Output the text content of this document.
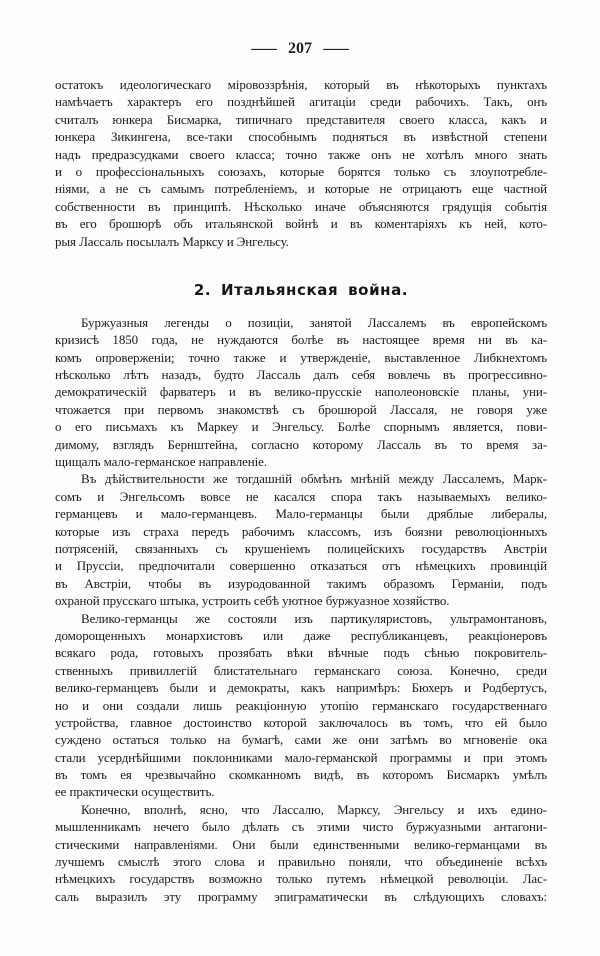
— 207 —
остатокъ идеологическаго міровоззрѣнія, который въ нѣкоторыхъ пунктахъ
намѣчаетъ характеръ его позднѣйшей агитаціи среди рабочихъ. Такъ, онъ
считалъ юнкера Бисмарка, типичнаго представителя своего класса, какъ и
юнкера Зикингена, все-таки способнымъ подняться въ извѣстной степени
надъ предразсудками своего класса; точно также онъ не хотѣлъ много знать
и о профессіональныхъ союзахъ, которые борятся только съ злоупотребле-
ніями, а не съ самымъ потребленіемъ, и которые не отрицаютъ еще частной
собственности въ принципѣ. Нѣсколько иначе объясняются грядущія событія
въ его брошюрѣ объ итальянской войнѣ и въ коментаріяхъ къ ней, кото-
рыя Лассаль посылалъ Марксу и Энгельсу.
2. Итальянская война.
Буржуазныя легенды о позиціи, занятой Лассалемъ въ европейскомъ
кризисѣ 1850 года, не нуждаются болѣе въ настоящее время ни въ ка-
комъ опроверженіи; точно также и утвержденіе, выставленное Либкнехтомъ
нѣсколько лѣтъ назадъ, будто Лассаль далъ себя вовлечь въ прогрессивно-
демократическій фарватеръ и въ велико-прусскіе наполеоновскіе планы, уни-
чтожается при первомъ знакомствѣ съ брошюрой Лассаля, не говоря уже
о его письмахъ къ Маркеу и Энгельсу. Болѣе спорнымъ является, пови-
димому, взглядъ Бернштейна, согласно которому Лассаль въ то время за-
щищалъ мало-германское направленіе.
Въ дѣйствительности же тогдашній обмѣнъ мнѣній между Лассалемъ, Марк-
сомъ и Энгельсомъ вовсе не касался спора такъ называемыхъ велико-
германцевъ и мало-германцевъ. Мало-германцы были дряблые либералы,
которые изъ страха передъ рабочимъ классомъ, изъ боязни революціонныхъ
потрясеній, связанныхъ съ крушеніемъ полицейскихъ государствъ Австріи
и Пруссіи, предпочитали совершенно отказаться отъ нѣмецкихъ провинцій
въ Австріи, чтобы въ изуродованной такимъ образомъ Германіи, подъ
охраной прусскаго штыка, устроить себѣ уютное буржуазное хозяйство.
Велико-германцы же состояли изъ партикуляристовъ, ультрамонтановъ,
доморощенныхъ монархистовъ или даже республиканцевъ, реакціонеровъ
всякаго рода, готовыхъ прозябать вѣки вѣчные подъ сѣнью покровитель-
ственныхъ привиллегій блистательнаго германскаго союза. Конечно, среди
велико-германцевъ были и демократы, какъ напримѣръ: Бюхеръ и Родбертусъ,
но и они создали лишь реакціонную утопію германскаго государственнаго
устройства, главное достоинство которой заключалось въ томъ, что ей было
суждено остаться только на бумагѣ, сами же они затѣмъ во мгновеніе ока
стали усерднѣйшими поклонниками мало-германской программы и при этомъ
въ томъ ея чрезвычайно скомканномъ видѣ, въ которомъ Бисмаркъ умѣлъ
ее практически осуществить.
Конечно, вполнѣ, ясно, что Лассалю, Марксу, Энгельсу и ихъ едино-
мышленникамъ нечего было дѣлать съ этими чисто буржуазными антагони-
стическими направленіями. Они были единственными велико-германцами въ
лучшемъ смыслѣ этого слова и правильно поняли, что объединеніе всѣхъ
нѣмецкихъ государствъ возможно только путемъ нѣмецкой революціи. Лас-
саль выразилъ эту программу эпиграматически въ слѣдующихъ словахъ:
